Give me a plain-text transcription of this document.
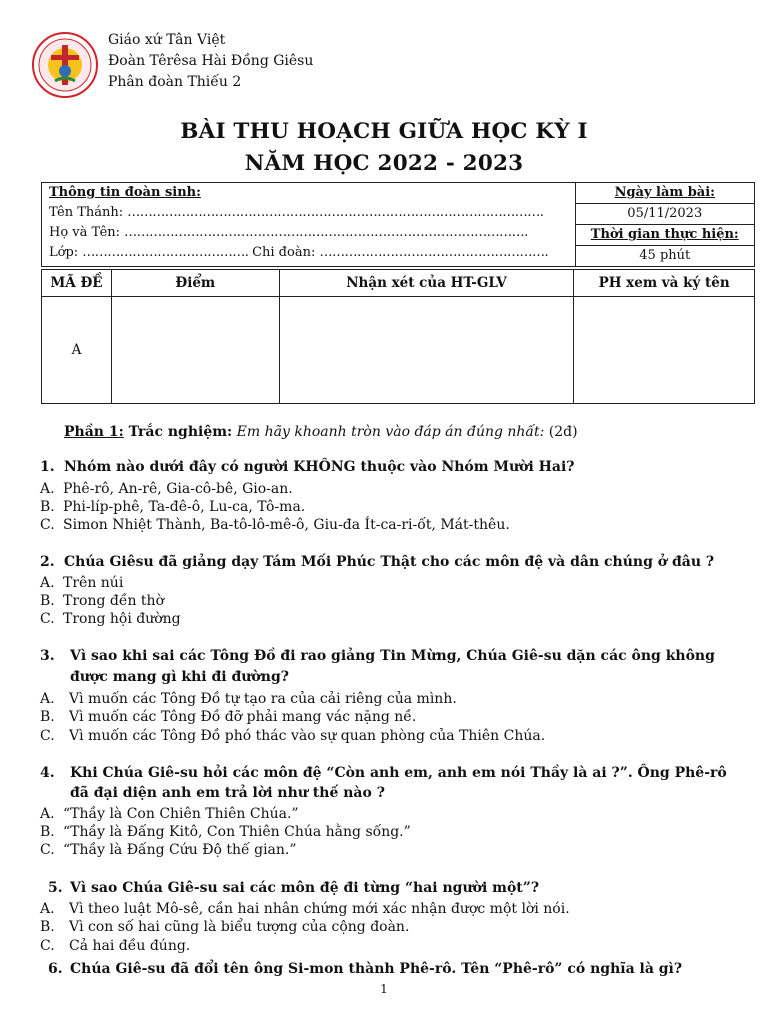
Giáo xứ Tân Việt
Đoàn Têrêsa Hài Đồng Giêsu
Phân đoàn Thiếu 2
BÀI THU HOẠCH GIỮA HỌC KỲ I
NĂM HỌC 2022 - 2023
Thông tin đoàn sinh:
Tên Thánh: ……………………………………………………………………………………….
Họ và Tên: …………………………………………………………………………………….
Lớp: …………………………………. Chi đoàn: ……………………………………………….

Ngày làm bài:
05/11/2023
Thời gian thực hiện:
45 phút
MÃ ĐỀ	Điểm	Nhận xét của HT-GLV	PH xem và ký tên
A			
Phần 1: Trắc nghiệm: Em hãy khoanh tròn vào đáp án đúng nhất: (2đ)
1. Nhóm nào dưới đây có người KHÔNG thuộc vào Nhóm Mười Hai?
A. Phê-rô, An-rê, Gia-cô-bê, Gio-an.
B. Phi-líp-phê, Ta-đê-ô, Lu-ca, Tô-ma.
C. Simon Nhiệt Thành, Ba-tô-lô-mê-ô, Giu-đa Ít-ca-ri-ốt, Mát-thêu.
2. Chúa Giêsu đã giảng dạy Tám Mối Phúc Thật cho các môn đệ và dân chúng ở đâu ?
A. Trên núi
B. Trong đền thờ
C. Trong hội đường
3. Vì sao khi sai các Tông Đồ đi rao giảng Tin Mừng, Chúa Giê-su dặn các ông không
được mang gì khi đi đường?
A. Vì muốn các Tông Đồ tự tạo ra của cải riêng của mình.
B. Vì muốn các Tông Đồ đỡ phải mang vác nặng nề.
C. Vì muốn các Tông Đồ phó thác vào sự quan phòng của Thiên Chúa.
4. Khi Chúa Giê-su hỏi các môn đệ “Còn anh em, anh em nói Thầy là ai ?”. Ông Phê-rô
đã đại diện anh em trả lời như thế nào ?
A. “Thầy là Con Chiên Thiên Chúa.”
B. “Thầy là Đấng Kitô, Con Thiên Chúa hằng sống.”
C. “Thầy là Đấng Cứu Độ thế gian.”
5. Vì sao Chúa Giê-su sai các môn đệ đi từng “hai người một”?
A. Vì theo luật Mô-sê, cần hai nhân chứng mới xác nhận được một lời nói.
B. Vì con số hai cũng là biểu tượng của cộng đoàn.
C. Cả hai đều đúng.
6. Chúa Giê-su đã đổi tên ông Si-mon thành Phê-rô. Tên “Phê-rô” có nghĩa là gì?
1
